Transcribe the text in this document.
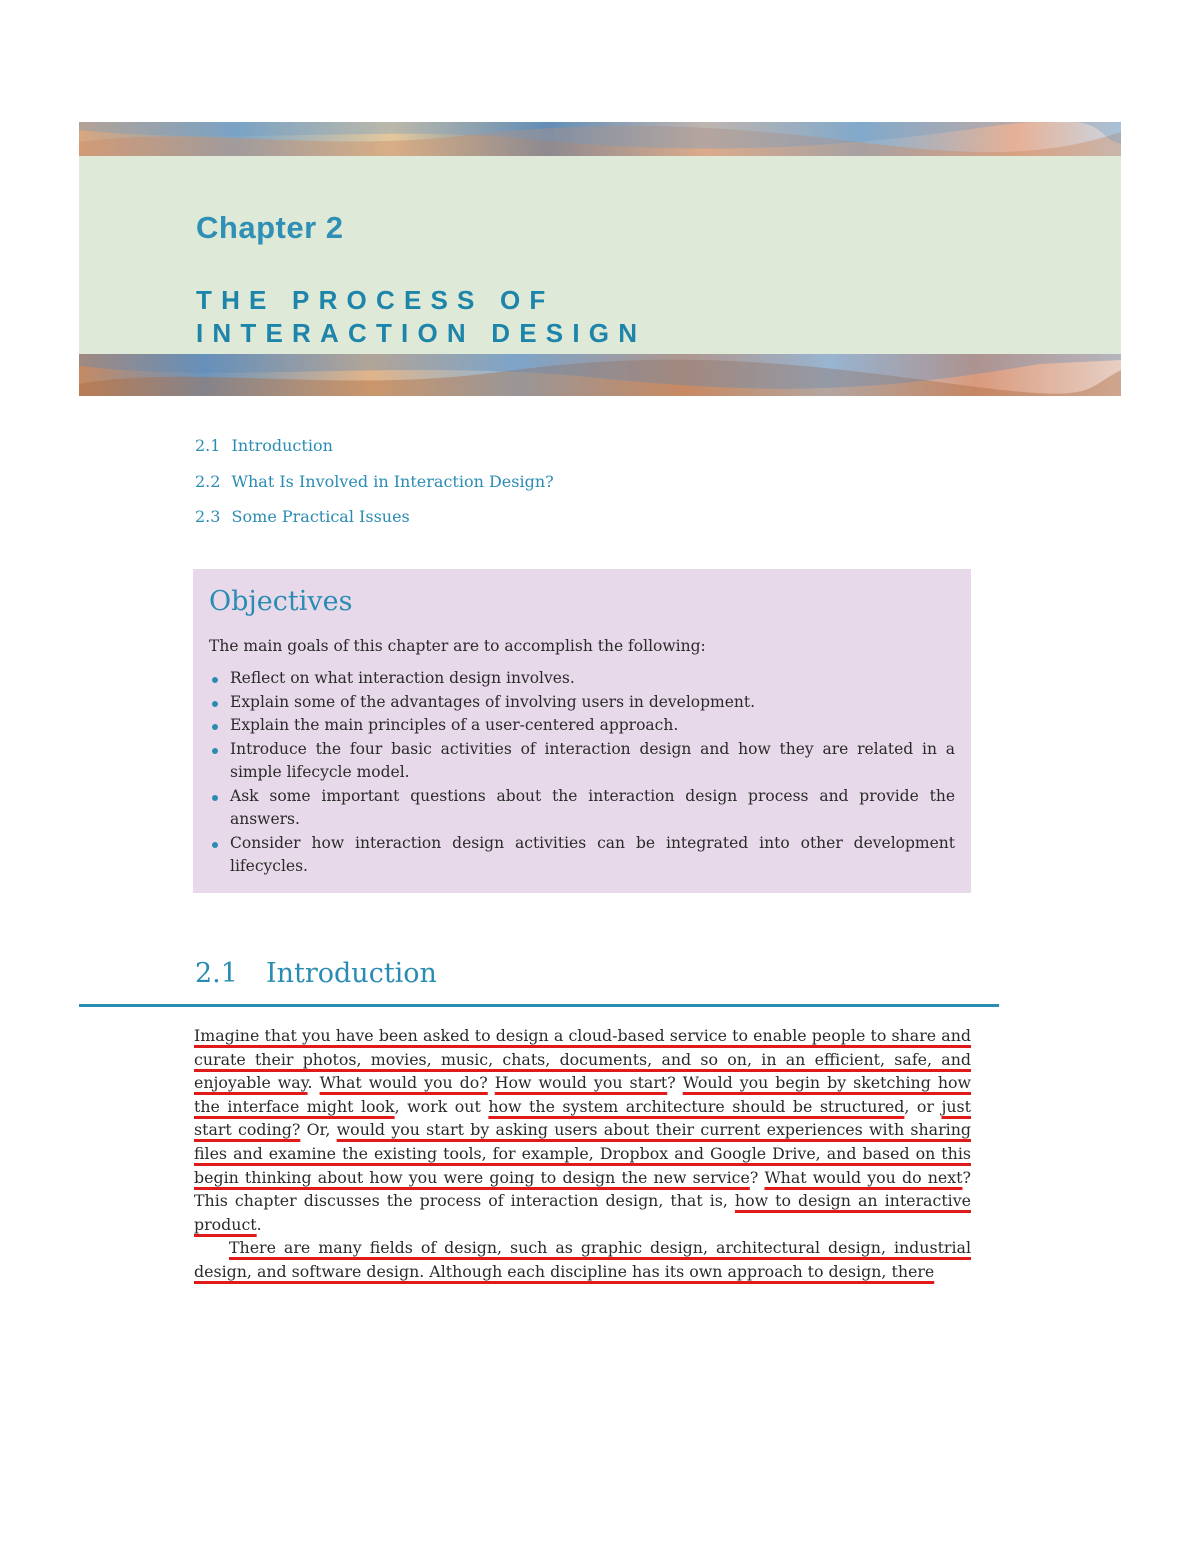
Chapter 2
THE PROCESS OF
INTERACTION DESIGN
2.1 Introduction
2.2 What Is Involved in Interaction Design?
2.3 Some Practical Issues
Objectives

The main goals of this chapter are to accomplish the following:

Reflect on what interaction design involves.
Explain some of the advantages of involving users in development.
Explain the main principles of a user-centered approach.
Introduce the four basic activities of interaction design and how they are related in a simple lifecycle model.
Ask some important questions about the interaction design process and provide the answers.
Consider how interaction design activities can be integrated into other development lifecycles.
2.1 Introduction

Imagine that you have been asked to design a cloud-based service to enable people to share and curate their photos, movies, music, chats, documents, and so on, in an efficient, safe, and enjoyable way. What would you do? How would you start? Would you begin by sketching how the interface might look, work out how the system architecture should be structured, or just start coding? Or, would you start by asking users about their current experiences with sharing files and examine the existing tools, for example, Dropbox and Google Drive, and based on this begin thinking about how you were going to design the new service? What would you do next? This chapter discusses the process of interaction design, that is, how to design an interactive product.

There are many fields of design, such as graphic design, architectural design, industrial design, and software design. Although each discipline has its own approach to design, there
